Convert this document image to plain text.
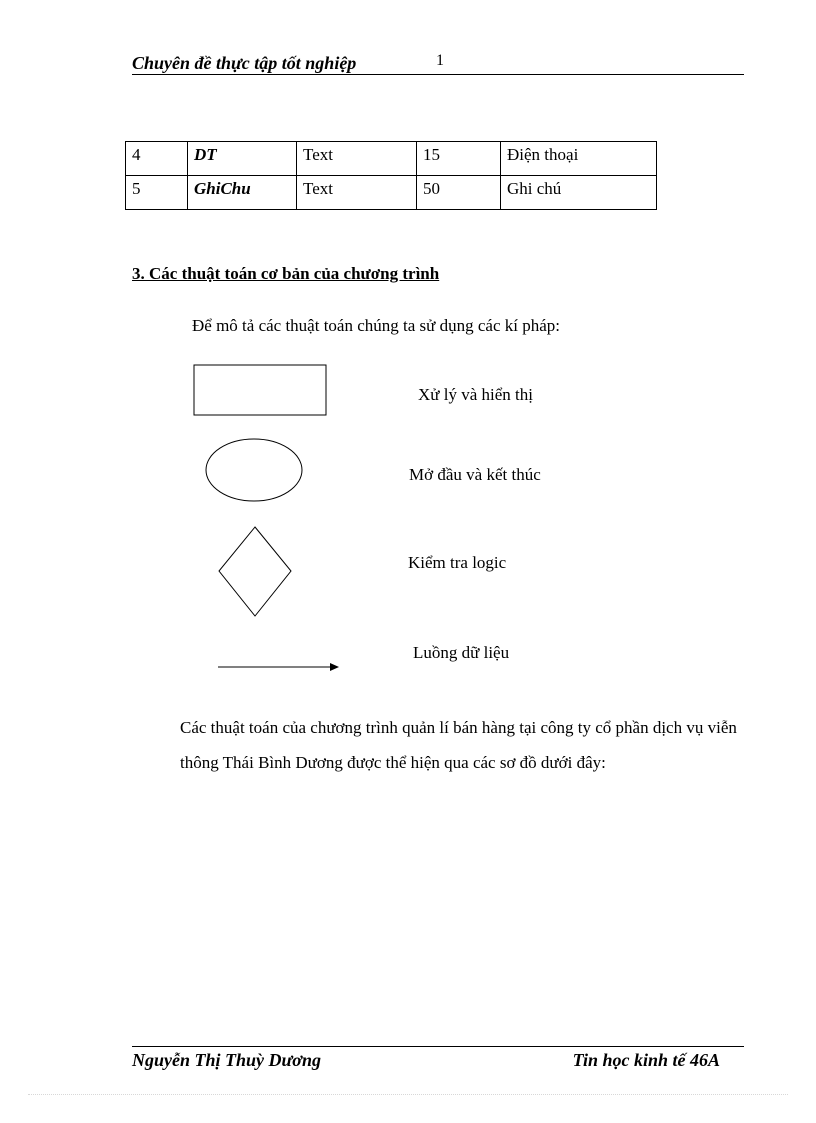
Chuyên đề thực tập tốt nghiệp	1
4	DT	Text	15	Điện thoại
5	GhiChu	Text	50	Ghi chú
3. Các thuật toán cơ bản của chương trình
Để mô tả các thuật toán chúng ta sử dụng các kí pháp:
Xử lý và hiển thị
Mở đầu và kết thúc
Kiểm tra logic
Luồng dữ liệu
Các thuật toán của chương trình quản lí bán hàng tại công ty cổ phần dịch vụ viễn thông Thái Bình Dương được thể hiện qua các sơ đồ dưới đây:
Nguyễn Thị Thuỳ Dương	Tin học kinh tế 46A
